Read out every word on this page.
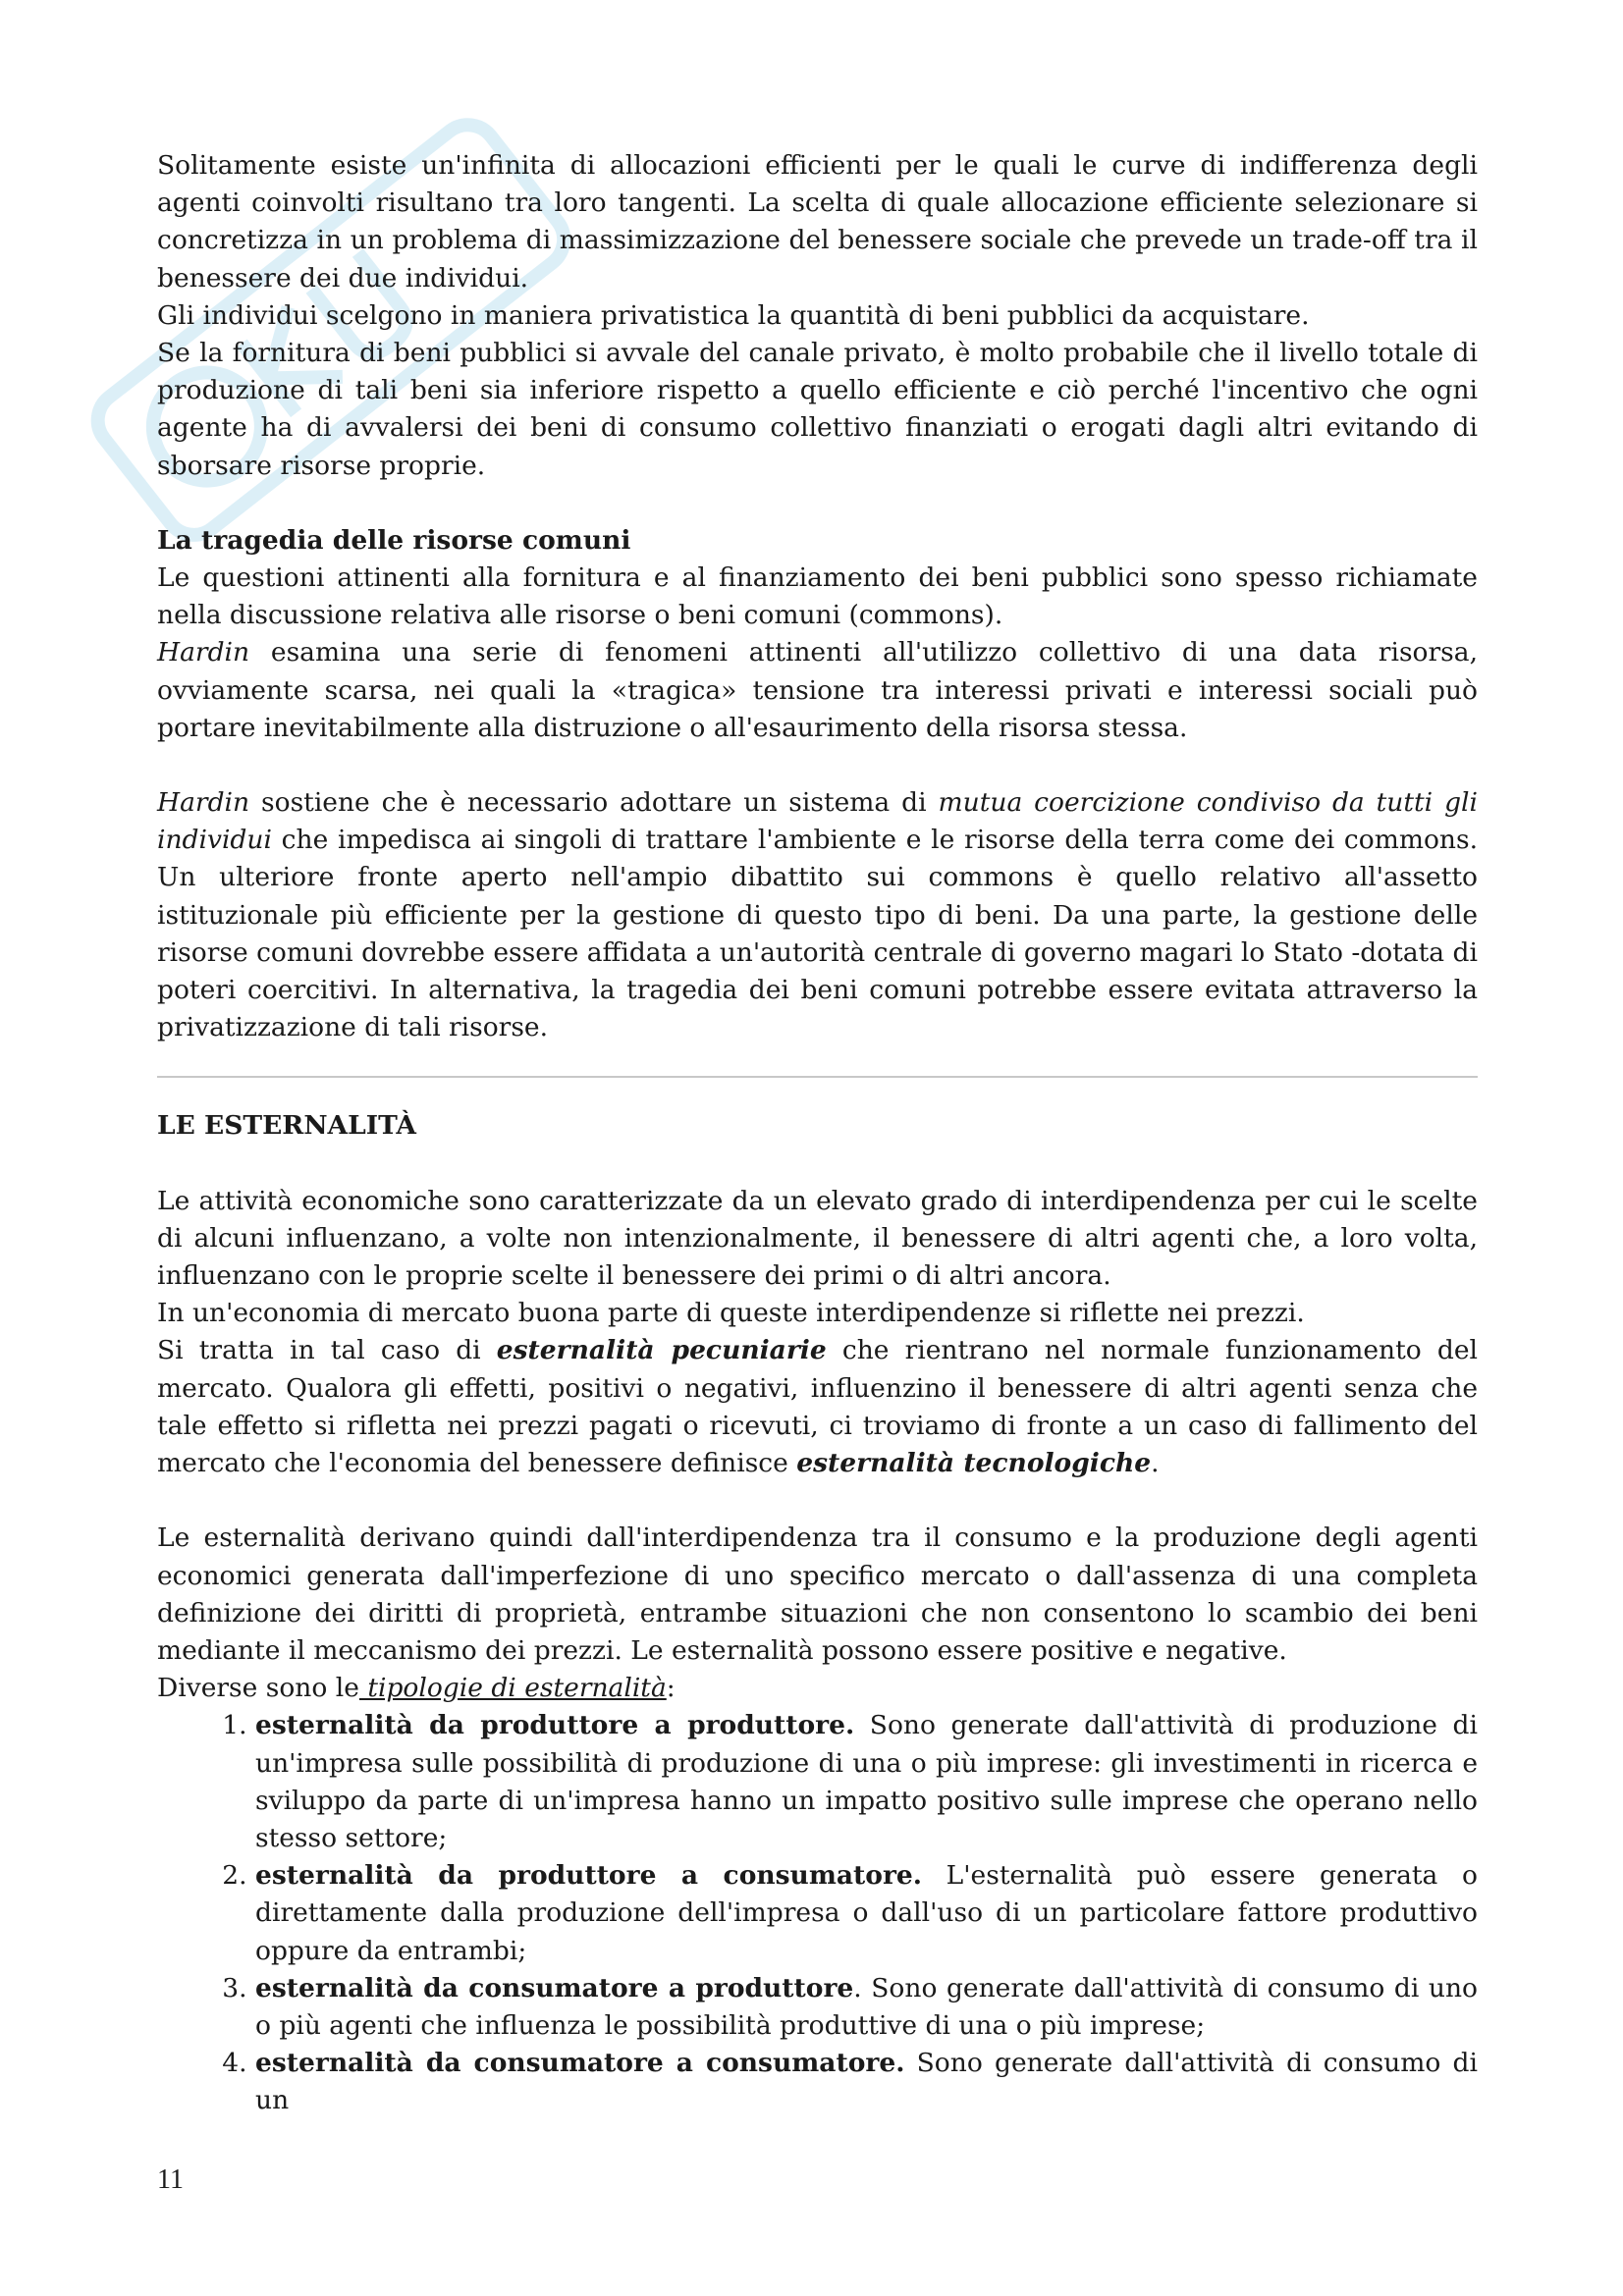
Solitamente esiste un'infinita di allocazioni efficienti per le quali le curve di indifferenza degli agenti coinvolti risultano tra loro tangenti. La scelta di quale allocazione efficiente selezionare si concretizza in un problema di massimizzazione del benessere sociale che prevede un trade-off tra il benessere dei due individui.

Gli individui scelgono in maniera privatistica la quantità di beni pubblici da acquistare.

Se la fornitura di beni pubblici si avvale del canale privato, è molto probabile che il livello totale di produzione di tali beni sia inferiore rispetto a quello efficiente e ciò perché l'incentivo che ogni agente ha di avvalersi dei beni di consumo collettivo finanziati o erogati dagli altri evitando di sborsare risorse proprie.

La tragedia delle risorse comuni

Le questioni attinenti alla fornitura e al finanziamento dei beni pubblici sono spesso richiamate nella discussione relativa alle risorse o beni comuni (commons).

Hardin esamina una serie di fenomeni attinenti all'utilizzo collettivo di una data risorsa, ovviamente scarsa, nei quali la «tragica» tensione tra interessi privati e interessi sociali può portare inevitabilmente alla distruzione o all'esaurimento della risorsa stessa.

Hardin sostiene che è necessario adottare un sistema di mutua coercizione condiviso da tutti gli individui che impedisca ai singoli di trattare l'ambiente e le risorse della terra come dei commons. Un ulteriore fronte aperto nell'ampio dibattito sui commons è quello relativo all'assetto istituzionale più efficiente per la gestione di questo tipo di beni. Da una parte, la gestione delle risorse comuni dovrebbe essere affidata a un'autorità centrale di governo magari lo Stato -dotata di poteri coercitivi. In alternativa, la tragedia dei beni comuni potrebbe essere evitata attraverso la privatizzazione di tali risorse.

LE ESTERNALITÀ

Le attività economiche sono caratterizzate da un elevato grado di interdipendenza per cui le scelte di alcuni influenzano, a volte non intenzionalmente, il benessere di altri agenti che, a loro volta, influenzano con le proprie scelte il benessere dei primi o di altri ancora.

In un'economia di mercato buona parte di queste interdipendenze si riflette nei prezzi.

Si tratta in tal caso di esternalità pecuniarie che rientrano nel normale funzionamento del mercato. Qualora gli effetti, positivi o negativi, influenzino il benessere di altri agenti senza che tale effetto si rifletta nei prezzi pagati o ricevuti, ci troviamo di fronte a un caso di fallimento del mercato che l'economia del benessere definisce esternalità tecnologiche.

Le esternalità derivano quindi dall'interdipendenza tra il consumo e la produzione degli agenti economici generata dall'imperfezione di uno specifico mercato o dall'assenza di una completa definizione dei diritti di proprietà, entrambe situazioni che non consentono lo scambio dei beni mediante il meccanismo dei prezzi. Le esternalità possono essere positive e negative.

Diverse sono le tipologie di esternalità:

1. esternalità da produttore a produttore. Sono generate dall'attività di produzione di un'impresa sulle possibilità di produzione di una o più imprese: gli investimenti in ricerca e sviluppo da parte di un'impresa hanno un impatto positivo sulle imprese che operano nello stesso settore;
2. esternalità da produttore a consumatore. L'esternalità può essere generata o direttamente dalla produzione dell'impresa o dall'uso di un particolare fattore produttivo oppure da entrambi;
3. esternalità da consumatore a produttore. Sono generate dall'attività di consumo di uno o più agenti che influenza le possibilità produttive di una o più imprese;
4. esternalità da consumatore a consumatore. Sono generate dall'attività di consumo di un
11
